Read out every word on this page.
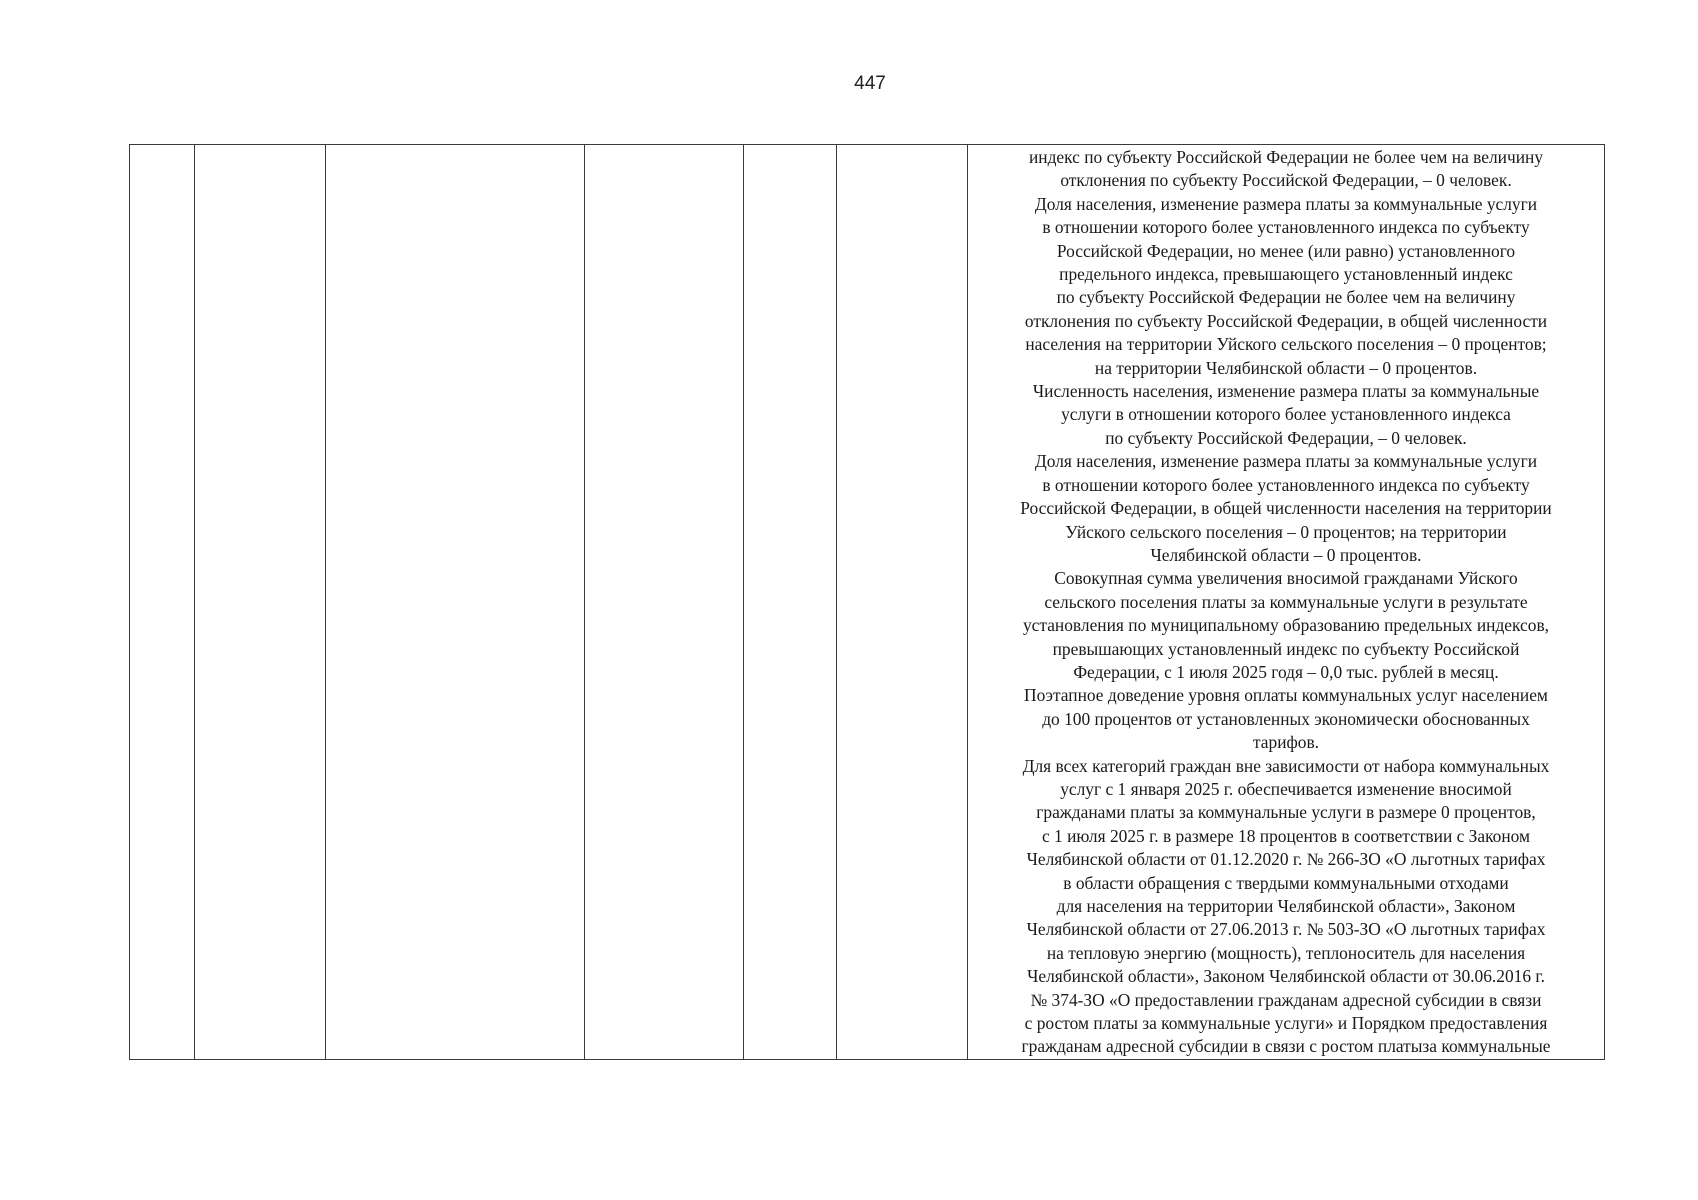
447

индекс по субъекту Российской Федерации не более чем на величину
отклонения по субъекту Российской Федерации, – 0 человек.
Доля населения, изменение размера платы за коммунальные услуги
в отношении которого более установленного индекса по субъекту
Российской Федерации, но менее (или равно) установленного
предельного индекса, превышающего установленный индекс
по субъекту Российской Федерации не более чем на величину
отклонения по субъекту Российской Федерации, в общей численности
населения на территории Уйского сельского поселения – 0 процентов;
на территории Челябинской области – 0 процентов.
Численность населения, изменение размера платы за коммунальные
услуги в отношении которого более установленного индекса
по субъекту Российской Федерации, – 0 человек.
Доля населения, изменение размера платы за коммунальные услуги
в отношении которого более установленного индекса по субъекту
Российской Федерации, в общей численности населения на территории
Уйского сельского поселения – 0 процентов; на территории
Челябинской области – 0 процентов.
Совокупная сумма увеличения вносимой гражданами Уйского
сельского поселения платы за коммунальные услуги в результате
установления по муниципальному образованию предельных индексов,
превышающих установленный индекс по субъекту Российской
Федерации, с 1 июля 2025 годя – 0,0 тыс. рублей в месяц.
Поэтапное доведение уровня оплаты коммунальных услуг населением
до 100 процентов от установленных экономически обоснованных
тарифов.
Для всех категорий граждан вне зависимости от набора коммунальных
услуг с 1 января 2025 г. обеспечивается изменение вносимой
гражданами платы за коммунальные услуги в размере 0 процентов,
с 1 июля 2025 г. в размере 18 процентов в соответствии с Законом
Челябинской области от 01.12.2020 г. № 266-ЗО «О льготных тарифах
в области обращения с твердыми коммунальными отходами
для населения на территории Челябинской области», Законом
Челябинской области от 27.06.2013 г. № 503-ЗО «О льготных тарифах
на тепловую энергию (мощность), теплоноситель для населения
Челябинской области», Законом Челябинской области от 30.06.2016 г.
№ 374-ЗО «О предоставлении гражданам адресной субсидии в связи
с ростом платы за коммунальные услуги» и Порядком предоставления
гражданам адресной субсидии в связи с ростом платыза коммунальные
